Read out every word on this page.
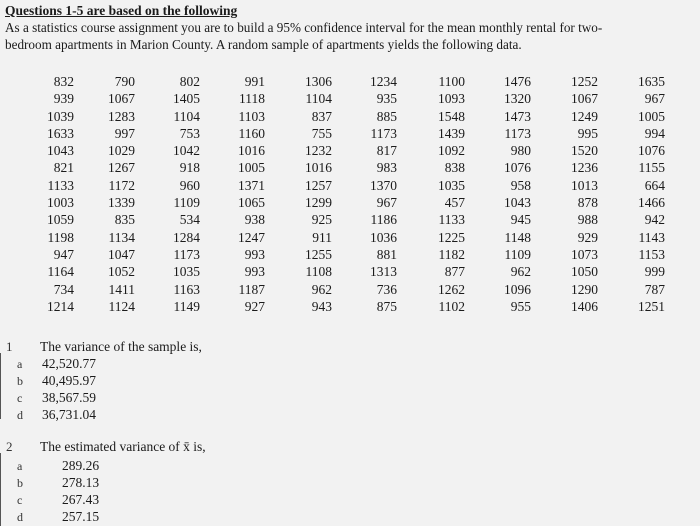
Questions 1-5 are based on the following
As a statistics course assignment you are to build a 95% confidence interval for the mean monthly rental for two-
bedroom apartments in Marion County. A random sample of apartments yields the following data.
832	790	802	991	1306	1234	1100	1476	1252	1635
939	1067	1405	1118	1104	935	1093	1320	1067	967
1039	1283	1104	1103	837	885	1548	1473	1249	1005
1633	997	753	1160	755	1173	1439	1173	995	994
1043	1029	1042	1016	1232	817	1092	980	1520	1076
821	1267	918	1005	1016	983	838	1076	1236	1155
1133	1172	960	1371	1257	1370	1035	958	1013	664
1003	1339	1109	1065	1299	967	457	1043	878	1466
1059	835	534	938	925	1186	1133	945	988	942
1198	1134	1284	1247	911	1036	1225	1148	929	1143
947	1047	1173	993	1255	881	1182	1109	1073	1153
1164	1052	1035	993	1108	1313	877	962	1050	999
734	1411	1163	1187	962	736	1262	1096	1290	787
1214	1124	1149	927	943	875	1102	955	1406	1251
1 The variance of the sample is,
a 42,520.77
b 40,495.97
c 38,567.59
d 36,731.04
2 The estimated variance of x̄ is,
a	289.26
b	278.13
c	267.43
d	257.15
